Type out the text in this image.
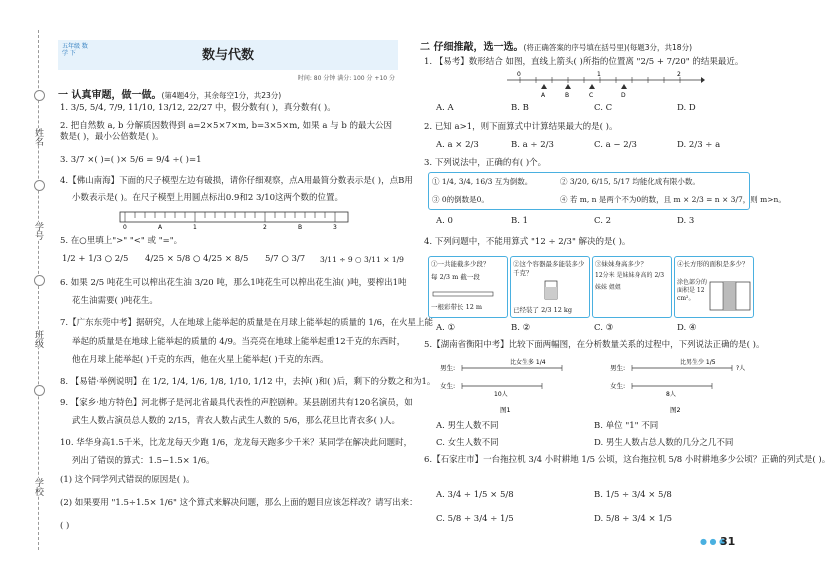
姓名
学号
班级
学校
五年级 数学 下	数与代数
时间: 80 分钟 满分: 100 分 +10 分
一 认真审题，做一做。(第4题4分，其余每空1分，共23分)
1. 3/5, 5/4, 7/9, 11/10, 13/12, 22/27 中，假分数有( )，真分数有( )。
2. 把自然数 a, b 分解质因数得到 a=2×5×7×m, b=3×5×m, 如果 a 与 b 的最大公因数是( )，最小公倍数是( )。
3. 3/7 ×( )=( )× 5/6 = 9/4 ÷( )=1
4.【佛山南海】下面的尺子模型左边有破损，请你仔细观察，点A用最简分数表示是( )，点B用
小数表示是( )。在尺子模型上用圆点标出0.9和2 3/10这两个数的位置。
0	A	1	2	B	3
5. 在○里填上">" "<" 或 "="。
1/2 + 1/3 ○ 2/5 4/25 × 5/8 ○ 4/25 × 8/5 5/7 ○ 3/7 3/11 ÷ 9 ○ 3/11 × 1/9
6. 如果 2/5 吨花生可以榨出花生油 3/20 吨，那么1吨花生可以榨出花生油( )吨，要榨出1吨
花生油需要( )吨花生。
7.【广东东莞中考】据研究，人在地球上能举起的质量是在月球上能举起的质量的 1/6，在火星上能
举起的质量是在地球上能举起的质量的 4/9。当亮亮在地球上能举起重12千克的东西时，
他在月球上能举起( )千克的东西，他在火星上能举起( )千克的东西。
8. 【易错·举例说明】在 1/2, 1/4, 1/6, 1/8, 1/10, 1/12 中，去掉( )和( )后，剩下的分数之和为1。
9. 【家乡·地方特色】河北梆子是河北省最具代表性的声腔剧种。某县剧团共有120名演员，如
武生人数占演员总人数的 2/15，青衣人数占武生人数的 5/6，那么花旦比青衣多( )人。
10. 华华身高1.5千米，比龙龙每天少跑 1/6，龙龙每天跑多少千米？某同学在解决此问题时，
列出了错误的算式：1.5−1.5× 1/6。
(1) 这个同学列式错误的原因是( )。
(2) 如果要用 "1.5÷1.5× 1/6" 这个算式来解决问题，那么上面的题目应该怎样改？请写出来：
( )
二 仔细推敲，选一选。(将正确答案的序号填在括号里)(每题3分，共18分)
1. 【易考】数形结合 如图，直线上箭头( )所指的位置离 "2/5 + 7/20" 的结果最近。
0	1	2
A	B	C	D
A. A	B. B	C. C	D. D
2. 已知 a>1，则下面算式中计算结果最大的是( )。
A. a × 2/3	B. a ÷ 2/3	C. a − 2/3	D. 2/3 ÷ a
3. 下列说法中，正确的有( )个。
① 1/4, 3/4, 16/3 互为倒数。	② 3/20, 6/15, 5/17 均能化成有限小数。
③ 0的倒数是0。	④ 若 m, n 是两个不为0的数，且 m × 2/3 = n × 3/7，则 m>n。
A. 0	B. 1	C. 2	D. 3
4. 下列问题中，不能用算式 "12 ÷ 2/3" 解决的是( )。
①一共能截多少段？
每 2/3 m 截一段
一根彩带长 12 m
②这个容器最多能装多少千克？
已经装了 2/3 12 kg
③妹妹身高多少？
12分米 是妹妹身高的 2/3
妹妹 姐姐
④长方形的面积是多少？
涂色部分的面积是 12 cm²。
A. ①	B. ②	C. ③	D. ④
5.【湖南省衡阳中考】比较下面两幅图，在分析数量关系的过程中，下列说法正确的是( )。
男生:
比女生多 1/4
女生:
10人
图1
男生:
比男生少 1/5
?人
女生:
8人
图2
A. 男生人数不同	B. 单位 "1" 不同
C. 女生人数不同	D. 男生人数占总人数的几分之几不同
6.【石家庄市】一台拖拉机 3/4 小时耕地 1/5 公顷，这台拖拉机 5/8 小时耕地多少公顷？正确的列式是( )。
A. 3/4 ÷ 1/5 × 5/8	B. 1/5 ÷ 3/4 × 5/8
C. 5/8 ÷ 3/4 ÷ 1/5	D. 5/8 ÷ 3/4 × 1/5
● ● ●
31
